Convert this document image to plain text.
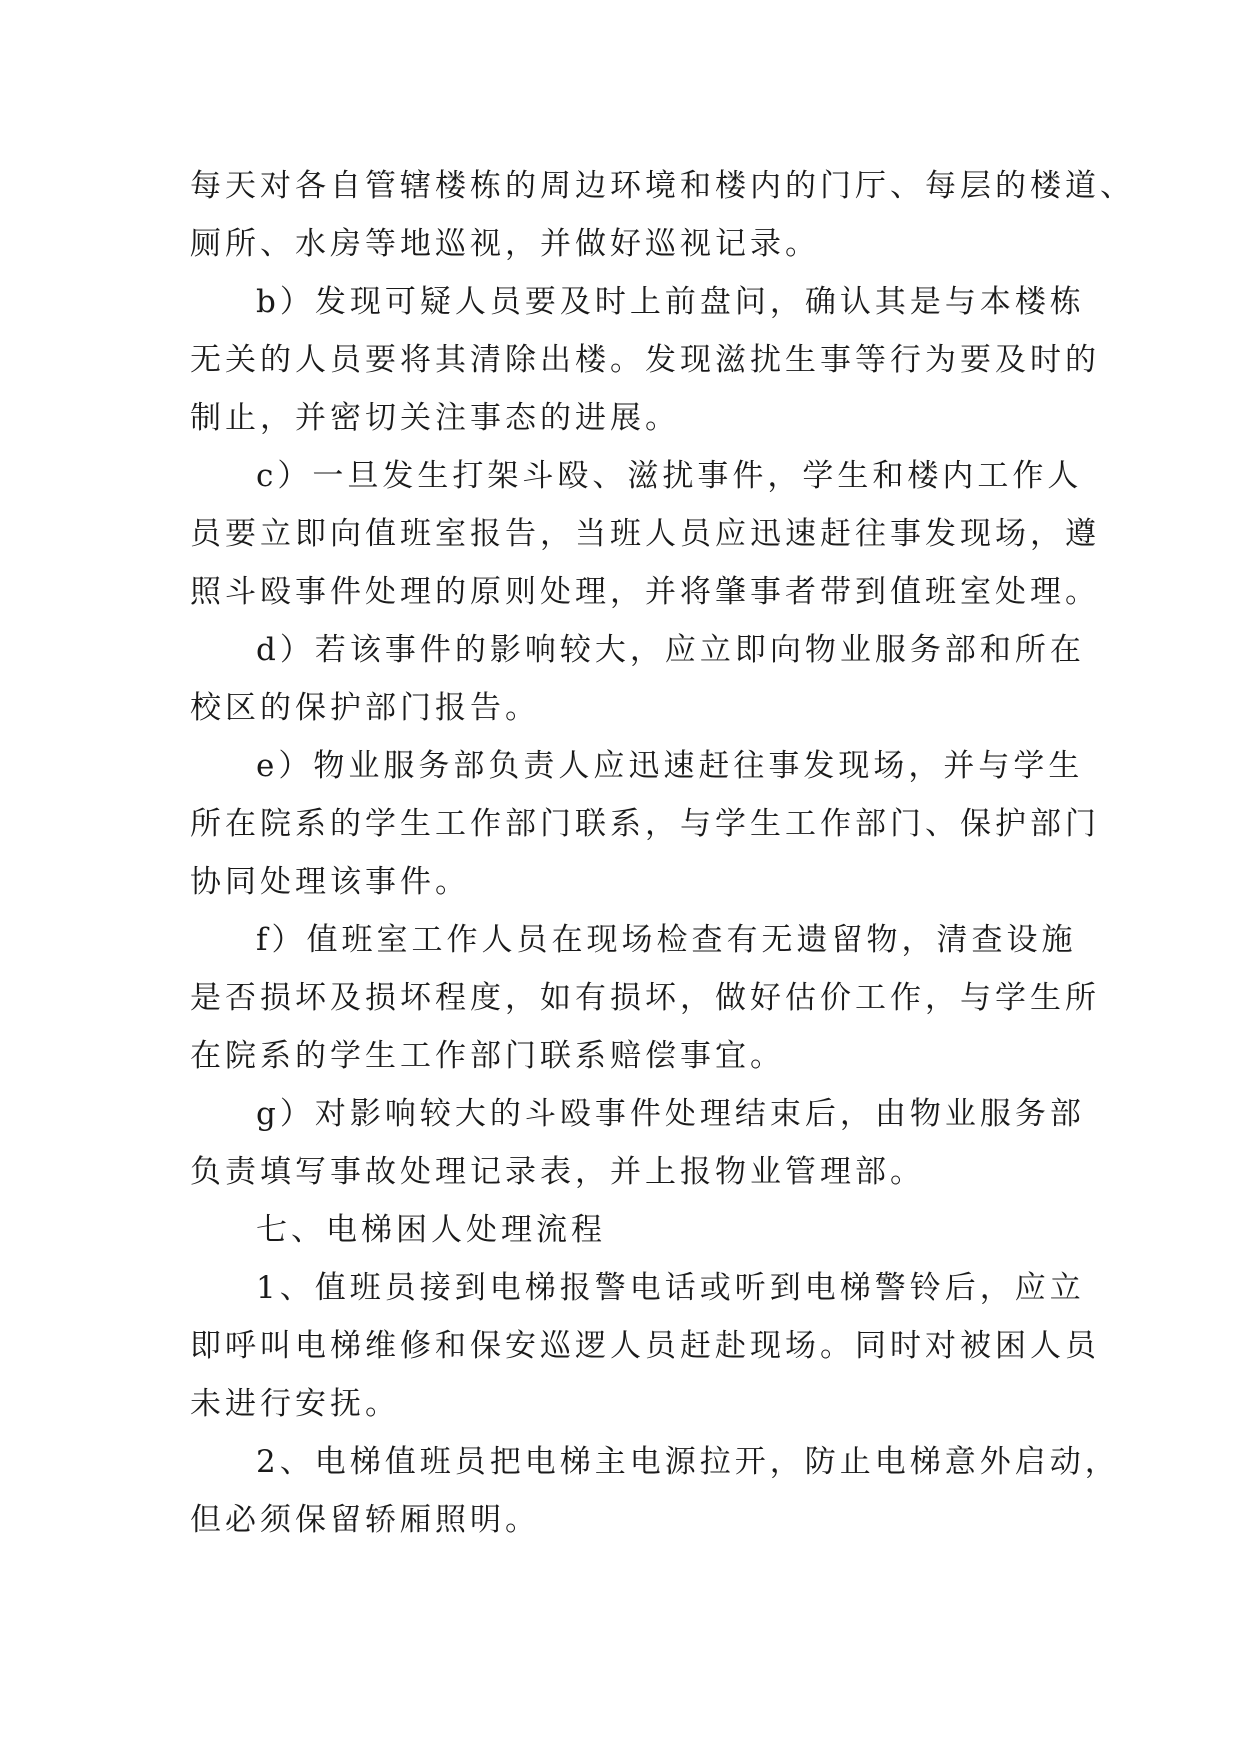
每天对各自管辖楼栋的周边环境和楼内的门厅、每层的楼道、
厕所、水房等地巡视，并做好巡视记录。
b）发现可疑人员要及时上前盘问，确认其是与本楼栋
无关的人员要将其清除出楼。发现滋扰生事等行为要及时的
制止，并密切关注事态的进展。
c）一旦发生打架斗殴、滋扰事件，学生和楼内工作人
员要立即向值班室报告，当班人员应迅速赶往事发现场，遵
照斗殴事件处理的原则处理，并将肇事者带到值班室处理。
d）若该事件的影响较大，应立即向物业服务部和所在
校区的保护部门报告。
e）物业服务部负责人应迅速赶往事发现场，并与学生
所在院系的学生工作部门联系，与学生工作部门、保护部门
协同处理该事件。
f）值班室工作人员在现场检查有无遗留物，清查设施
是否损坏及损坏程度，如有损坏，做好估价工作，与学生所
在院系的学生工作部门联系赔偿事宜。
g）对影响较大的斗殴事件处理结束后，由物业服务部
负责填写事故处理记录表，并上报物业管理部。
七、电梯困人处理流程
1、值班员接到电梯报警电话或听到电梯警铃后，应立
即呼叫电梯维修和保安巡逻人员赶赴现场。同时对被困人员
未进行安抚。
2、电梯值班员把电梯主电源拉开，防止电梯意外启动，
但必须保留轿厢照明。
